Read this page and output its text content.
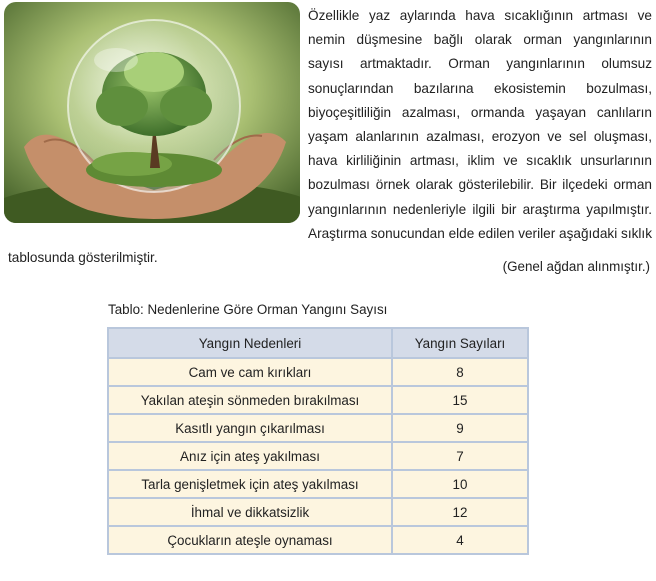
Özellikle yaz aylarında hava sıcaklığının artması ve nemin düşmesine bağlı olarak orman yangınlarının sayısı artmaktadır. Orman yangınlarının olumsuz sonuçlarından bazılarına ekosistemin bozulması, biyoçeşitliliğin azalması, ormanda yaşayan canlıların yaşam alanlarının azalması, erozyon ve sel oluşması, hava kirliliğinin artması, iklim ve sıcaklık unsurlarının bozulması örnek olarak gösterilebilir. Bir ilçedeki orman yangınlarının nedenleriyle ilgili bir araştırma yapılmıştır. Araştırma sonucundan elde edilen veriler aşağıdaki sıklık tablosunda gösterilmiştir.

(Genel ağdan alınmıştır.)
Tablo: Nedenlerine Göre Orman Yangını Sayısı
Yangın Nedenleri	Yangın Sayıları
Cam ve cam kırıkları	8
Yakılan ateşin sönmeden bırakılması	15
Kasıtlı yangın çıkarılması	9
Anız için ateş yakılması	7
Tarla genişletmek için ateş yakılması	10
İhmal ve dikkatsizlik	12
Çocukların ateşle oynaması	4
